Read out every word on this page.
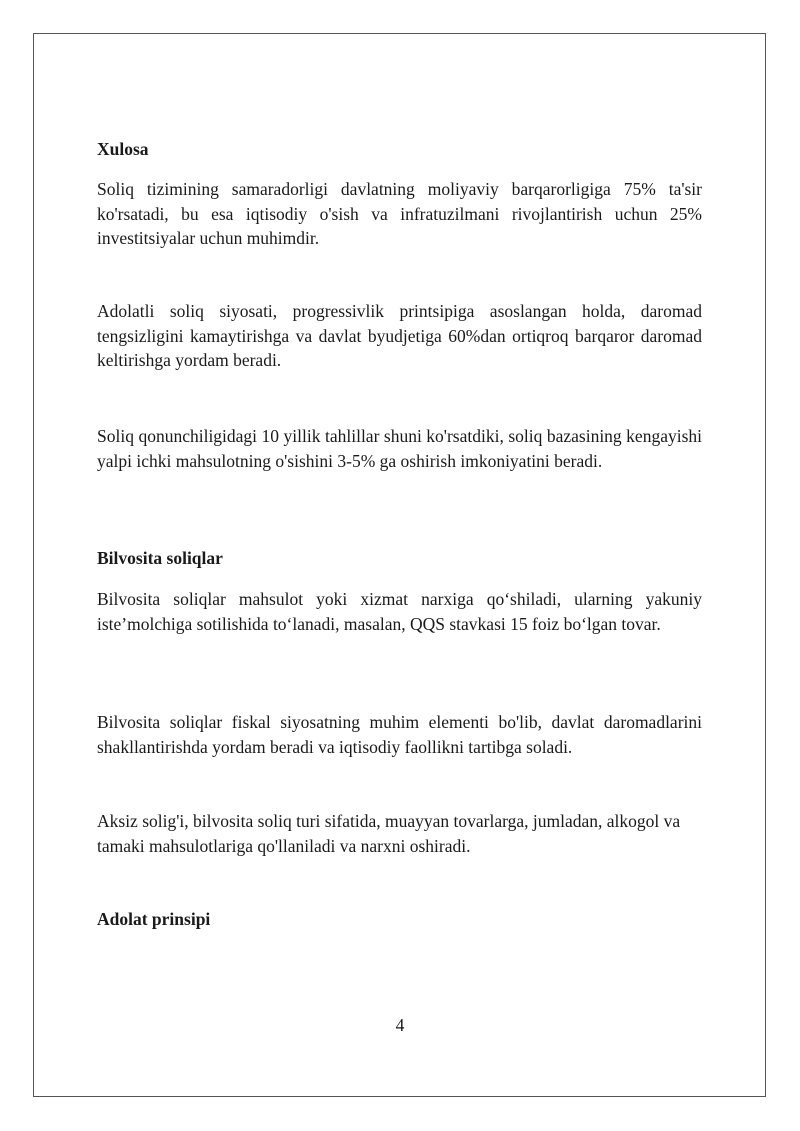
Xulosa

Soliq tizimining samaradorligi davlatning moliyaviy barqarorligiga 75% ta'sir ko'rsatadi, bu esa iqtisodiy o'sish va infratuzilmani rivojlantirish uchun 25% investitsiyalar uchun muhimdir.

Adolatli soliq siyosati, progressivlik printsipiga asoslangan holda, daromad tengsizligini kamaytirishga va davlat byudjetiga 60%dan ortiqroq barqaror daromad keltirishga yordam beradi.

Soliq qonunchiligidagi 10 yillik tahlillar shuni ko'rsatdiki, soliq bazasining kengayishi yalpi ichki mahsulotning o'sishini 3-5% ga oshirish imkoniyatini beradi.

Bilvosita soliqlar

Bilvosita soliqlar mahsulot yoki xizmat narxiga qo‘shiladi, ularning yakuniy iste’molchiga sotilishida to‘lanadi, masalan, QQS stavkasi 15 foiz bo‘lgan tovar.

Bilvosita soliqlar fiskal siyosatning muhim elementi bo'lib, davlat daromadlarini shakllantirishda yordam beradi va iqtisodiy faollikni tartibga soladi.

Aksiz solig'i, bilvosita soliq turi sifatida, muayyan tovarlarga, jumladan, alkogol va tamaki mahsulotlariga qo'llaniladi va narxni oshiradi.

Adolat prinsipi
4
